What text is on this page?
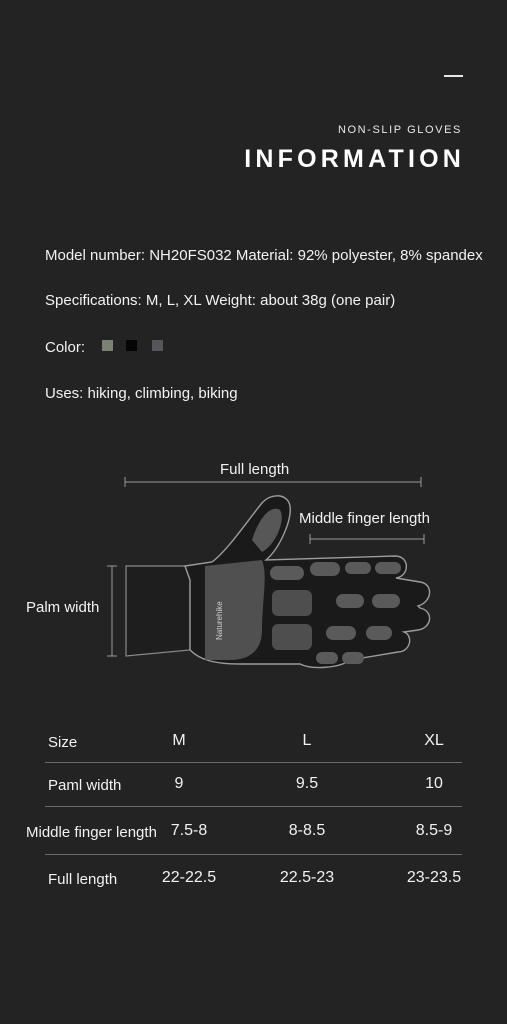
NON-SLIP GLOVES
INFORMATION
Model number: NH20FS032 Material: 92% polyester, 8% spandex
Specifications: M, L, XL Weight: about 38g (one pair)
Color:
Uses: hiking, climbing, biking
Full length
Middle finger length
Palm width	Naturehike
Size	M	L	XL
Paml width	9	9.5	10
Middle finger length 7.5-8	8-8.5	8.5-9
Full length	22-22.5	22.5-23	23-23.5
